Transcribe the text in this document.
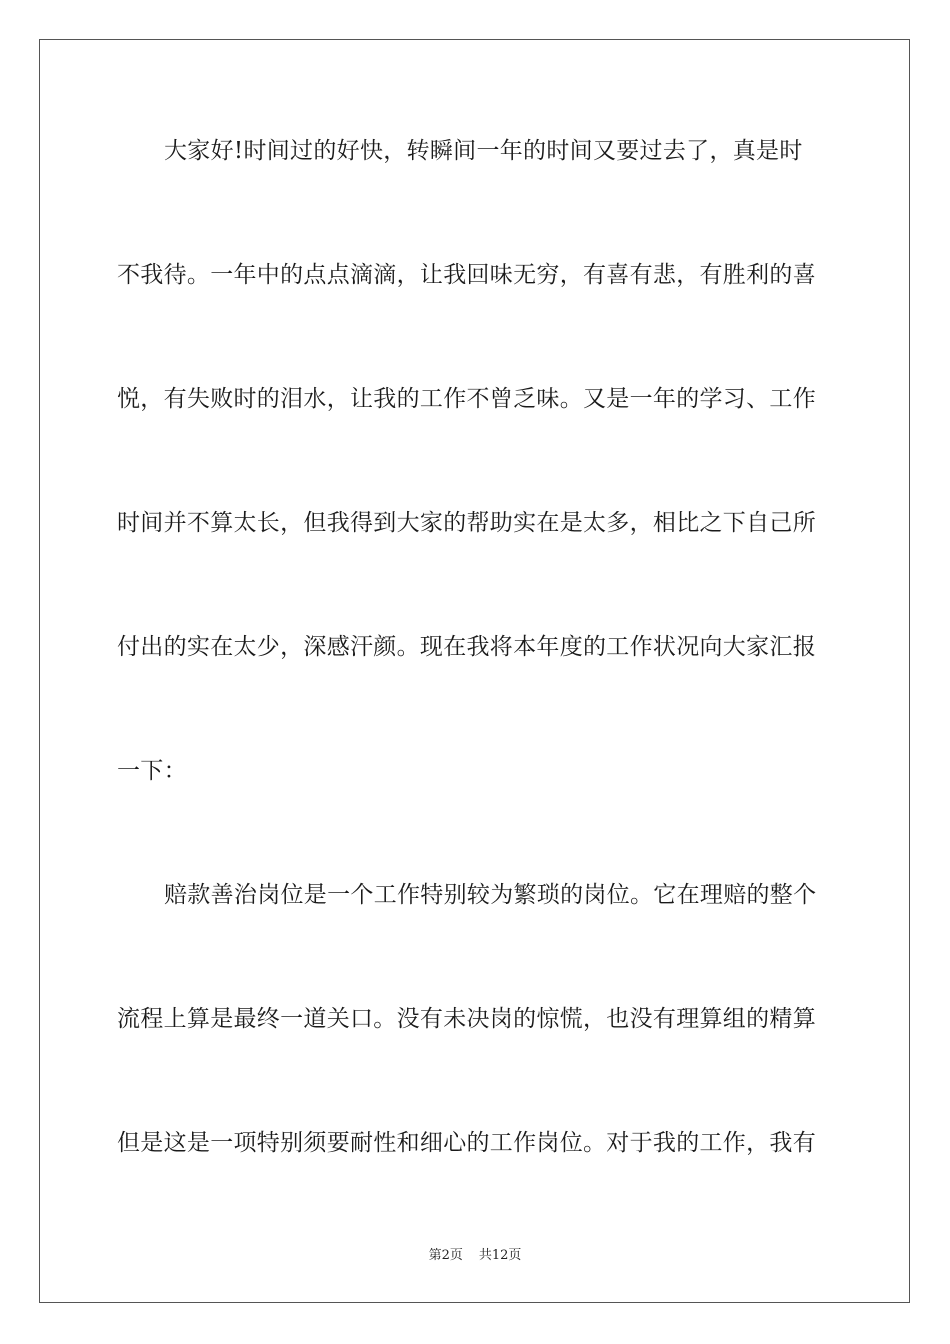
大家好!时间过的好快，转瞬间一年的时间又要过去了，真是时
不我待。一年中的点点滴滴，让我回味无穷，有喜有悲，有胜利的喜
悦，有失败时的泪水，让我的工作不曾乏味。又是一年的学习、工作
时间并不算太长，但我得到大家的帮助实在是太多，相比之下自己所
付出的实在太少，深感汗颜。现在我将本年度的工作状况向大家汇报
一下：
赔款善治岗位是一个工作特别较为繁琐的岗位。它在理赔的整个
流程上算是最终一道关口。没有未决岗的惊慌，也没有理算组的精算
但是这是一项特别须要耐性和细心的工作岗位。对于我的工作，我有
第2页 共12页
